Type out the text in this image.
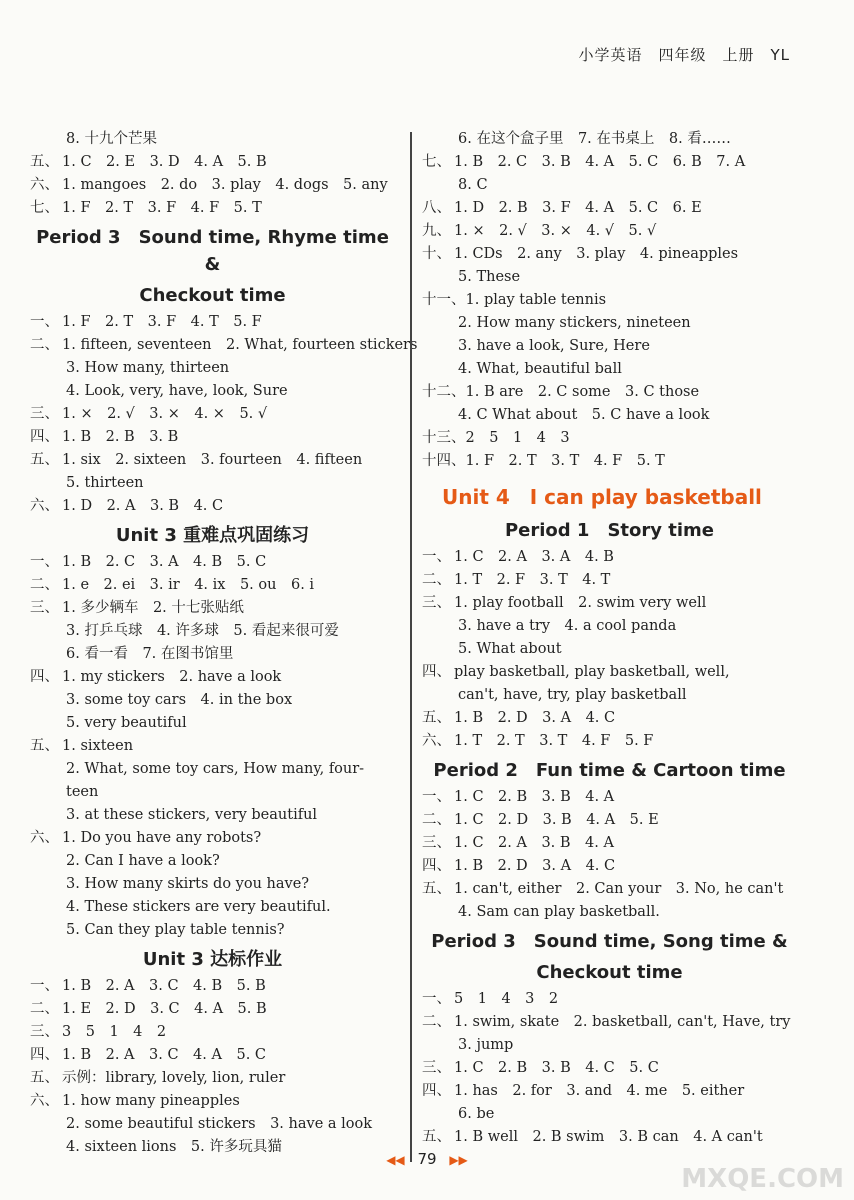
小学英语　四年级　上册　YL
8. 十九个芒果
五、 1. C　2. E　3. D　4. A　5. B
六、 1. mangoes　2. do　3. play　4. dogs　5. any
七、 1. F　2. T　3. F　4. F　5. T
Period 3　Sound time, Rhyme time &
Checkout time
一、 1. F　2. T　3. F　4. T　5. F
二、 1. fifteen, seventeen　2. What, fourteen stickers
3. How many, thirteen
4. Look, very, have, look, Sure
三、 1. ×　2. √　3. ×　4. ×　5. √
四、 1. B　2. B　3. B
五、 1. six　2. sixteen　3. fourteen　4. fifteen
5. thirteen
六、 1. D　2. A　3. B　4. C
Unit 3 重难点巩固练习
一、 1. B　2. C　3. A　4. B　5. C
二、 1. e　2. ei　3. ir　4. ix　5. ou　6. i
三、 1. 多少辆车　2. 十七张贴纸
3. 打乒乓球　4. 许多球　5. 看起来很可爱
6. 看一看　7. 在图书馆里
四、 1. my stickers　2. have a look
3. some toy cars　4. in the box
5. very beautiful
五、 1. sixteen
2. What, some toy cars, How many, four-
teen
3. at these stickers, very beautiful
六、 1. Do you have any robots?
2. Can I have a look?
3. How many skirts do you have?
4. These stickers are very beautiful.
5. Can they play table tennis?
Unit 3 达标作业
一、 1. B　2. A　3. C　4. B　5. B
二、 1. E　2. D　3. C　4. A　5. B
三、 3　5　1　4　2
四、 1. B　2. A　3. C　4. A　5. C
五、 示例：library, lovely, lion, ruler
六、 1. how many pineapples
2. some beautiful stickers　3. have a look
4. sixteen lions　5. 许多玩具猫
6. 在这个盒子里　7. 在书桌上　8. 看……
七、 1. B　2. C　3. B　4. A　5. C　6. B　7. A
8. C
八、 1. D　2. B　3. F　4. A　5. C　6. E
九、 1. ×　2. √　3. ×　4. √　5. √
十、 1. CDs　2. any　3. play　4. pineapples
5. These
十一、1. play table tennis
2. How many stickers, nineteen
3. have a look, Sure, Here
4. What, beautiful ball
十二、1. B are　2. C some　3. C those
4. C What about　5. C have a look
十三、2　5　1　4　3
十四、1. F　2. T　3. T　4. F　5. T
Unit 4　I can play basketball
Period 1　Story time
一、 1. C　2. A　3. A　4. B
二、 1. T　2. F　3. T　4. T
三、 1. play football　2. swim very well
3. have a try　4. a cool panda
5. What about
四、 play basketball, play basketball, well,
can't, have, try, play basketball
五、 1. B　2. D　3. A　4. C
六、 1. T　2. T　3. T　4. F　5. F
Period 2　Fun time & Cartoon time
一、 1. C　2. B　3. B　4. A
二、 1. C　2. D　3. B　4. A　5. E
三、 1. C　2. A　3. B　4. A
四、 1. B　2. D　3. A　4. C
五、 1. can't, either　2. Can your　3. No, he can't
4. Sam can play basketball.
Period 3　Sound time, Song time &
Checkout time
一、 5　1　4　3　2
二、 1. swim, skate　2. basketball, can't, Have, try
3. jump
三、 1. C　2. B　3. B　4. C　5. C
四、 1. has　2. for　3. and　4. me　5. either
6. be
五、 1. B well　2. B swim　3. B can　4. A can't
◀◀ 79 ▶▶
MXQE.COM
